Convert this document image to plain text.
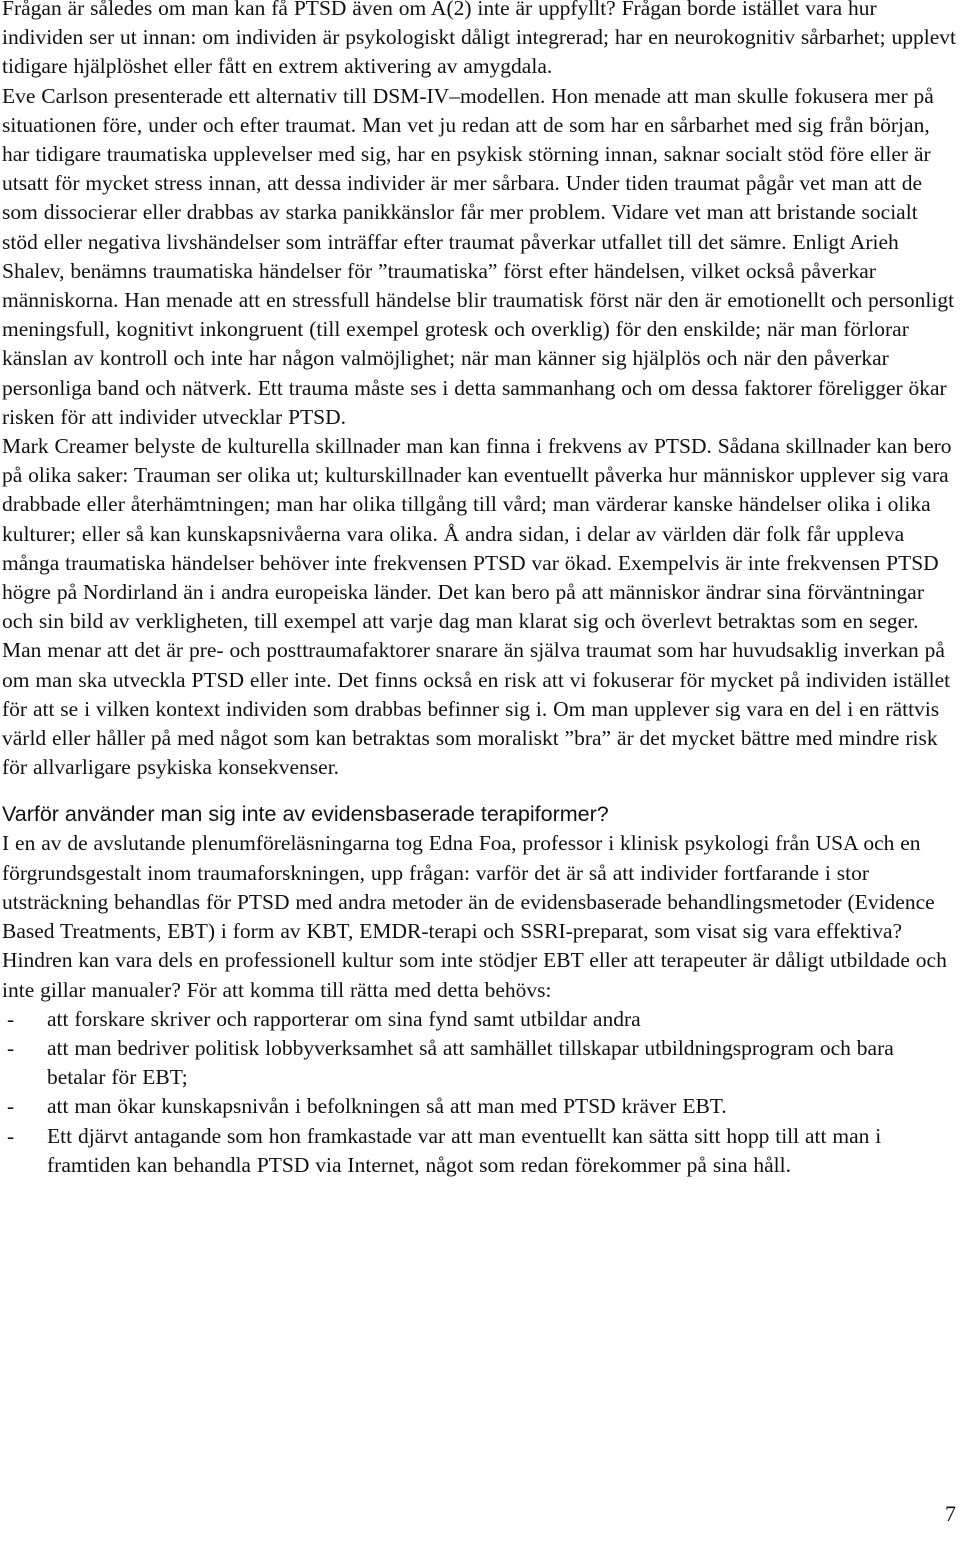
Frågan är således om man kan få PTSD även om A(2) inte är uppfyllt? Frågan borde istället vara hur individen ser ut innan: om individen är psykologiskt dåligt integrerad; har en neurokognitiv sårbarhet; upplevt tidigare hjälplöshet eller fått en extrem aktivering av amygdala.

Eve Carlson presenterade ett alternativ till DSM-IV–modellen. Hon menade att man skulle fokusera mer på situationen före, under och efter traumat. Man vet ju redan att de som har en sårbarhet med sig från början, har tidigare traumatiska upplevelser med sig, har en psykisk störning innan, saknar socialt stöd före eller är utsatt för mycket stress innan, att dessa individer är mer sårbara. Under tiden traumat pågår vet man att de som dissocierar eller drabbas av starka panikkänslor får mer problem. Vidare vet man att bristande socialt stöd eller negativa livshändelser som inträffar efter traumat påverkar utfallet till det sämre. Enligt Arieh Shalev, benämns traumatiska händelser för ”traumatiska” först efter händelsen, vilket också påverkar människorna. Han menade att en stressfull händelse blir traumatisk först när den är emotionellt och personligt meningsfull, kognitivt inkongruent (till exempel grotesk och overklig) för den enskilde; när man förlorar känslan av kontroll och inte har någon valmöjlighet; när man känner sig hjälplös och när den påverkar personliga band och nätverk. Ett trauma måste ses i detta sammanhang och om dessa faktorer föreligger ökar risken för att individer utvecklar PTSD.

Mark Creamer belyste de kulturella skillnader man kan finna i frekvens av PTSD. Sådana skillnader kan bero på olika saker: Trauman ser olika ut; kulturskillnader kan eventuellt påverka hur människor upplever sig vara drabbade eller återhämtningen; man har olika tillgång till vård; man värderar kanske händelser olika i olika kulturer; eller så kan kunskapsnivåerna vara olika. Å andra sidan, i delar av världen där folk får uppleva många traumatiska händelser behöver inte frekvensen PTSD var ökad. Exempelvis är inte frekvensen PTSD högre på Nordirland än i andra europeiska länder. Det kan bero på att människor ändrar sina förväntningar och sin bild av verkligheten, till exempel att varje dag man klarat sig och överlevt betraktas som en seger. Man menar att det är pre- och posttraumafaktorer snarare än själva traumat som har huvudsaklig inverkan på om man ska utveckla PTSD eller inte. Det finns också en risk att vi fokuserar för mycket på individen istället för att se i vilken kontext individen som drabbas befinner sig i. Om man upplever sig vara en del i en rättvis värld eller håller på med något som kan betraktas som moraliskt ”bra” är det mycket bättre med mindre risk för allvarligare psykiska konsekvenser.

Varför använder man sig inte av evidensbaserade terapiformer?

I en av de avslutande plenumföreläsningarna tog Edna Foa, professor i klinisk psykologi från USA och en förgrundsgestalt inom traumaforskningen, upp frågan: varför det är så att individer fortfarande i stor utsträckning behandlas för PTSD med andra metoder än de evidensbaserade behandlingsmetoder (Evidence Based Treatments, EBT) i form av KBT, EMDR-terapi och SSRI-preparat, som visat sig vara effektiva? Hindren kan vara dels en professionell kultur som inte stödjer EBT eller att terapeuter är dåligt utbildade och inte gillar manualer? För att komma till rätta med detta behövs:

- att forskare skriver och rapporterar om sina fynd samt utbildar andra
- att man bedriver politisk lobbyverksamhet så att samhället tillskapar utbildningsprogram och bara betalar för EBT;
- att man ökar kunskapsnivån i befolkningen så att man med PTSD kräver EBT.
- Ett djärvt antagande som hon framkastade var att man eventuellt kan sätta sitt hopp till att man i framtiden kan behandla PTSD via Internet, något som redan förekommer på sina håll.
7
